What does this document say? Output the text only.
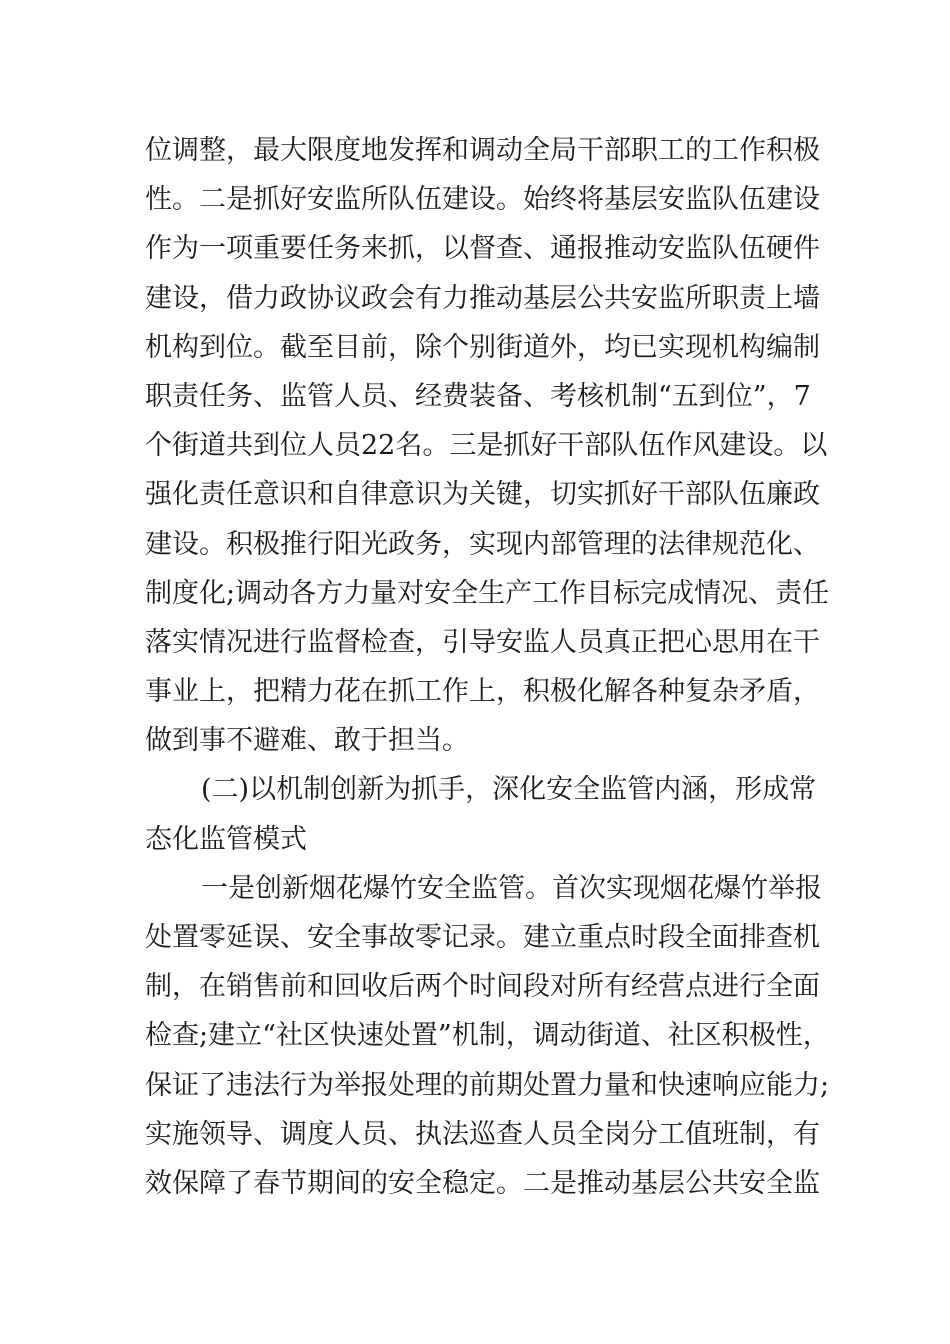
位调整，最大限度地发挥和调动全局干部职工的工作积极
性。二是抓好安监所队伍建设。始终将基层安监队伍建设
作为一项重要任务来抓，以督查、通报推动安监队伍硬件
建设，借力政协议政会有力推动基层公共安监所职责上墙
机构到位。截至目前，除个别街道外，均已实现机构编制
职责任务、监管人员、经费装备、考核机制“五到位”，7
个街道共到位人员22名。三是抓好干部队伍作风建设。以
强化责任意识和自律意识为关键，切实抓好干部队伍廉政
建设。积极推行阳光政务，实现内部管理的法律规范化、
制度化;调动各方力量对安全生产工作目标完成情况、责任
落实情况进行监督检查，引导安监人员真正把心思用在干
事业上，把精力花在抓工作上，积极化解各种复杂矛盾，
做到事不避难、敢于担当。
(二)以机制创新为抓手，深化安全监管内涵，形成常
态化监管模式
一是创新烟花爆竹安全监管。首次实现烟花爆竹举报
处置零延误、安全事故零记录。建立重点时段全面排查机
制，在销售前和回收后两个时间段对所有经营点进行全面
检查;建立“社区快速处置”机制，调动街道、社区积极性，
保证了违法行为举报处理的前期处置力量和快速响应能力;
实施领导、调度人员、执法巡查人员全岗分工值班制，有
效保障了春节期间的安全稳定。二是推动基层公共安全监
